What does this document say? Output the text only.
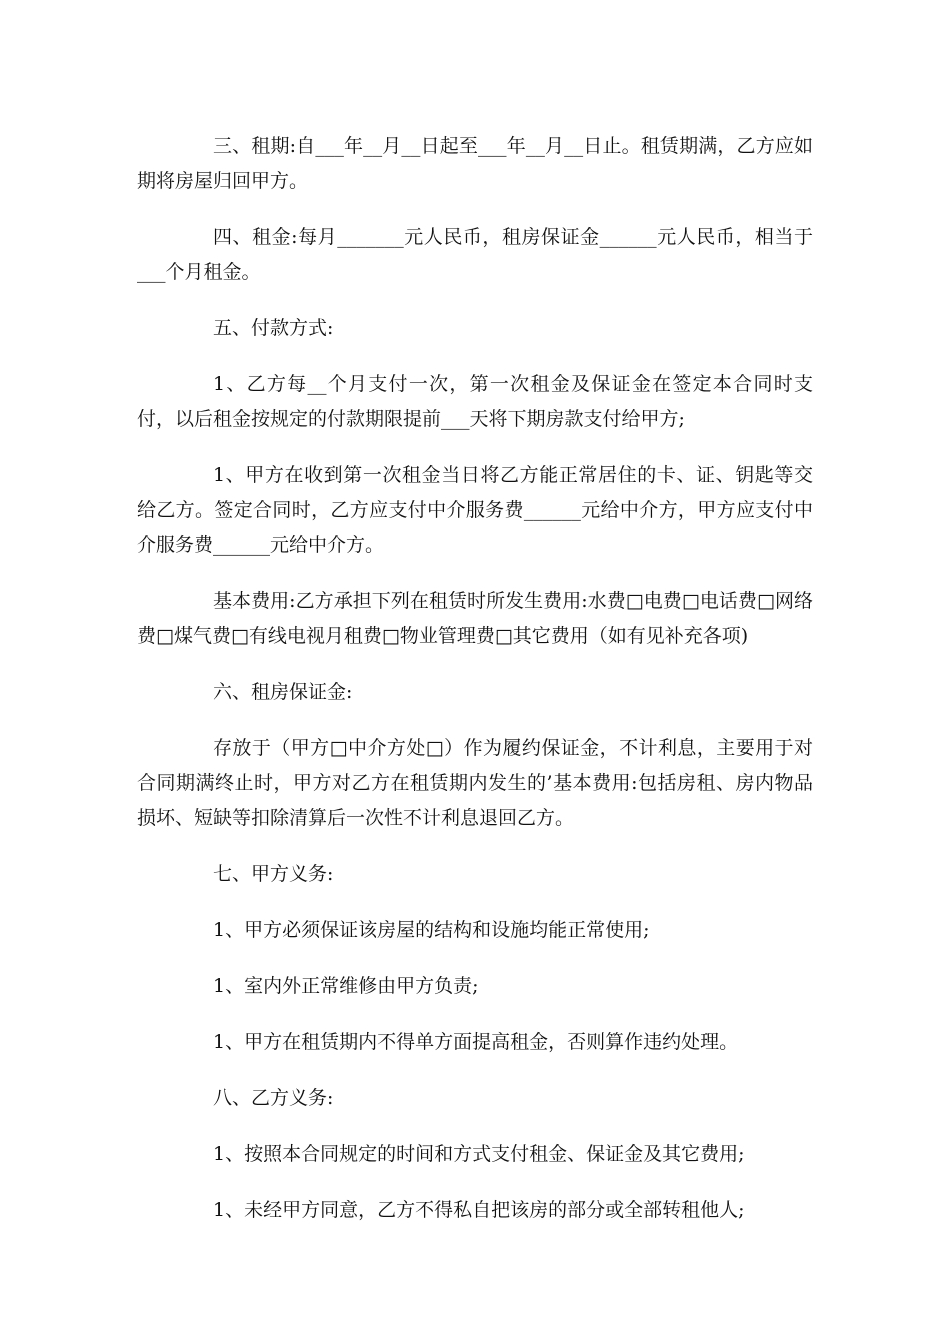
三、租期:自___年__月__日起至___年__月__日止。租赁期满，乙方应如期将房屋归回甲方。

四、租金:每月_______元人民币，租房保证金______元人民币，相当于___个月租金。

五、付款方式:

1、乙方每__个月支付一次，第一次租金及保证金在签定本合同时支付，以后租金按规定的付款期限提前___天将下期房款支付给甲方;

1、甲方在收到第一次租金当日将乙方能正常居住的卡、证、钥匙等交给乙方。签定合同时，乙方应支付中介服务费______元给中介方，甲方应支付中介服务费______元给中介方。

基本费用:乙方承担下列在租赁时所发生费用:水费□电费□电话费□网络费□煤气费□有线电视月租费□物业管理费□其它费用（如有见补充各项)

六、租房保证金:

存放于（甲方□中介方处□）作为履约保证金，不计利息，主要用于对合同期满终止时，甲方对乙方在租赁期内发生的’基本费用:包括房租、房内物品损坏、短缺等扣除清算后一次性不计利息退回乙方。

七、甲方义务:

1、甲方必须保证该房屋的结构和设施均能正常使用;

1、室内外正常维修由甲方负责;

1、甲方在租赁期内不得单方面提高租金，否则算作违约处理。

八、乙方义务:

1、按照本合同规定的时间和方式支付租金、保证金及其它费用;

1、未经甲方同意，乙方不得私自把该房的部分或全部转租他人;
